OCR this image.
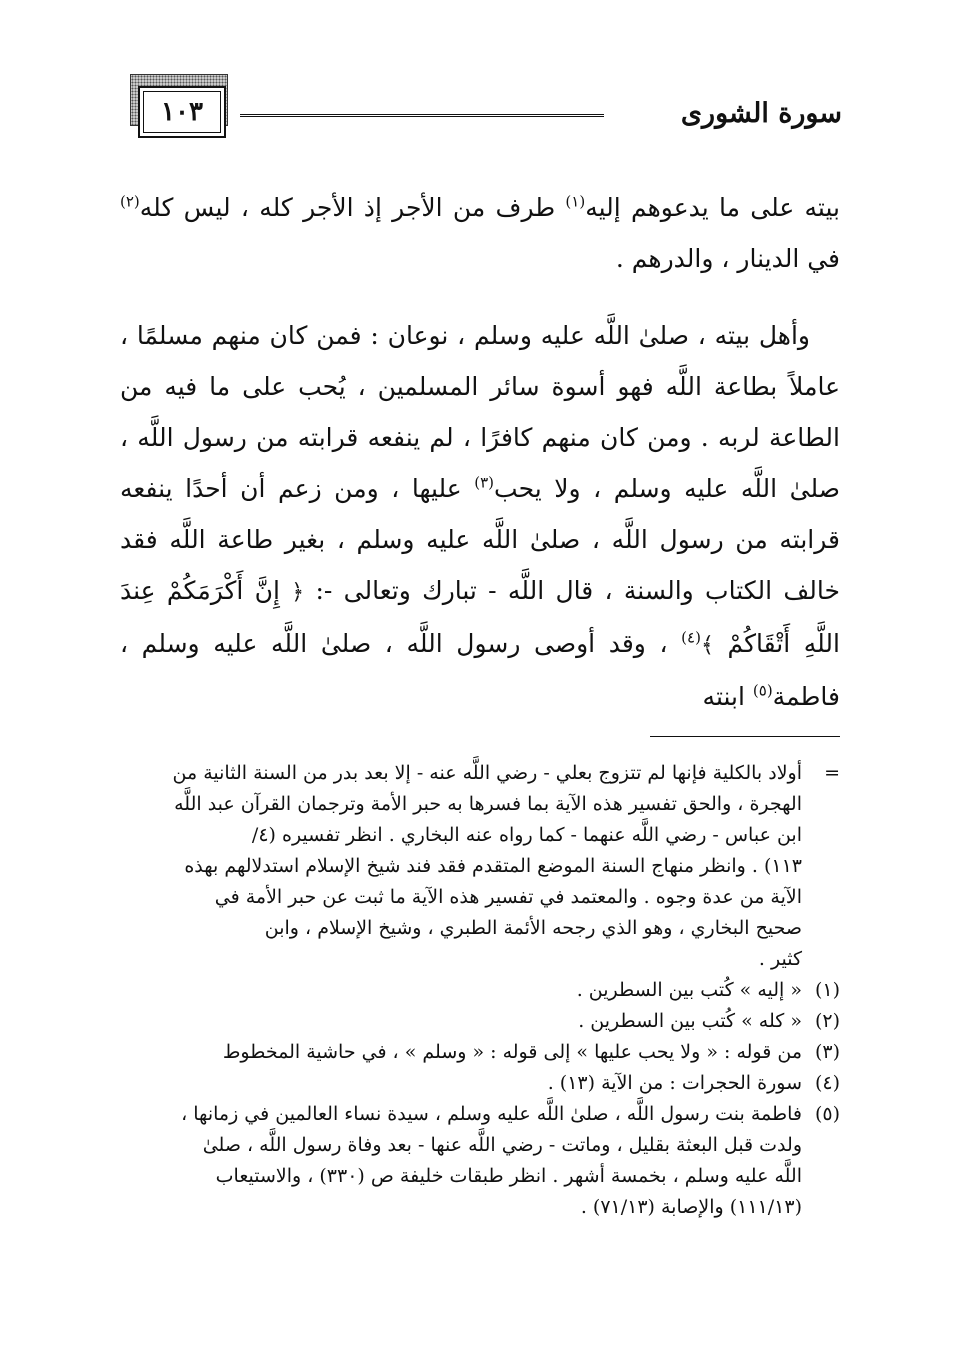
سورة الشورى
١٠٣

بيته على ما يدعوهم إليه$^{(١)}$ طرف من الأجر إذ الأجر كله ، ليس كله$^{(٢)}$ في الدينار ، والدرهم .

وأهل بيته ، صلىٰ اللَّه عليه وسلم ، نوعان : فمن كان منهم مسلمًا ، عاملاً بطاعة اللَّه فهو أسوة سائر المسلمين ، يُحب على ما فيه من الطاعة لربه . ومن كان منهم كافرًا ، لم ينفعه قرابته من رسول اللَّه ، صلىٰ اللَّه عليه وسلم ، ولا يحب$^{(٣)}$ عليها ، ومن زعم أن أحدًا ينفعه قرابته من رسول اللَّه ، صلىٰ اللَّه عليه وسلم ، بغير طاعة اللَّه فقد خالف الكتاب والسنة ، قال اللَّه - تبارك وتعالى -: ﴿ إِنَّ أَكْرَمَكُمْ عِندَ اللَّهِ أَتْقَاكُمْ ﴾$^{(٤)}$ ، وقد أوصى رسول اللَّه ، صلىٰ اللَّه عليه وسلم ، فاطمة$^{(٥)}$ ابنته

=
أولاد بالكلية فإنها لم تتزوج بعلي - رضي اللَّه عنه - إلا بعد بدر من السنة الثانية من
الهجرة ، والحق تفسير هذه الآية بما فسرها به حبر الأمة وترجمان القرآن عبد اللَّه
ابن عباس - رضي اللَّه عنهما - كما رواه عنه البخاري . انظر تفسيره (٤/
١١٣) . وانظر منهاج السنة الموضع المتقدم فقد فند شيخ الإسلام استدلالهم بهذه
الآية من عدة وجوه . والمعتمد في تفسير هذه الآية ما ثبت عن حبر الأمة في
صحيح البخاري ، وهو الذي رجحه الأئمة الطبري ، وشيخ الإسلام ، وابن
كثير .
(١)
« إليه » كُتب بين السطرين .
(٢)
« كله » كُتب بين السطرين .
(٣)
من قوله : « ولا يحب عليها » إلى قوله : « وسلم » ، في حاشية المخطوط
(٤)
سورة الحجرات : من الآية (١٣) .
(٥)
فاطمة بنت رسول اللَّه ، صلىٰ اللَّه عليه وسلم ، سيدة نساء العالمين في زمانها ،
ولدت قبل البعثة بقليل ، وماتت - رضي اللَّه عنها - بعد وفاة رسول اللَّه ، صلىٰ
اللَّه عليه وسلم ، بخمسة أشهر . انظر طبقات خليفة ص (٣٣٠) ، والاستيعاب
(١١١/١٣) والإصابة (٧١/١٣) .
